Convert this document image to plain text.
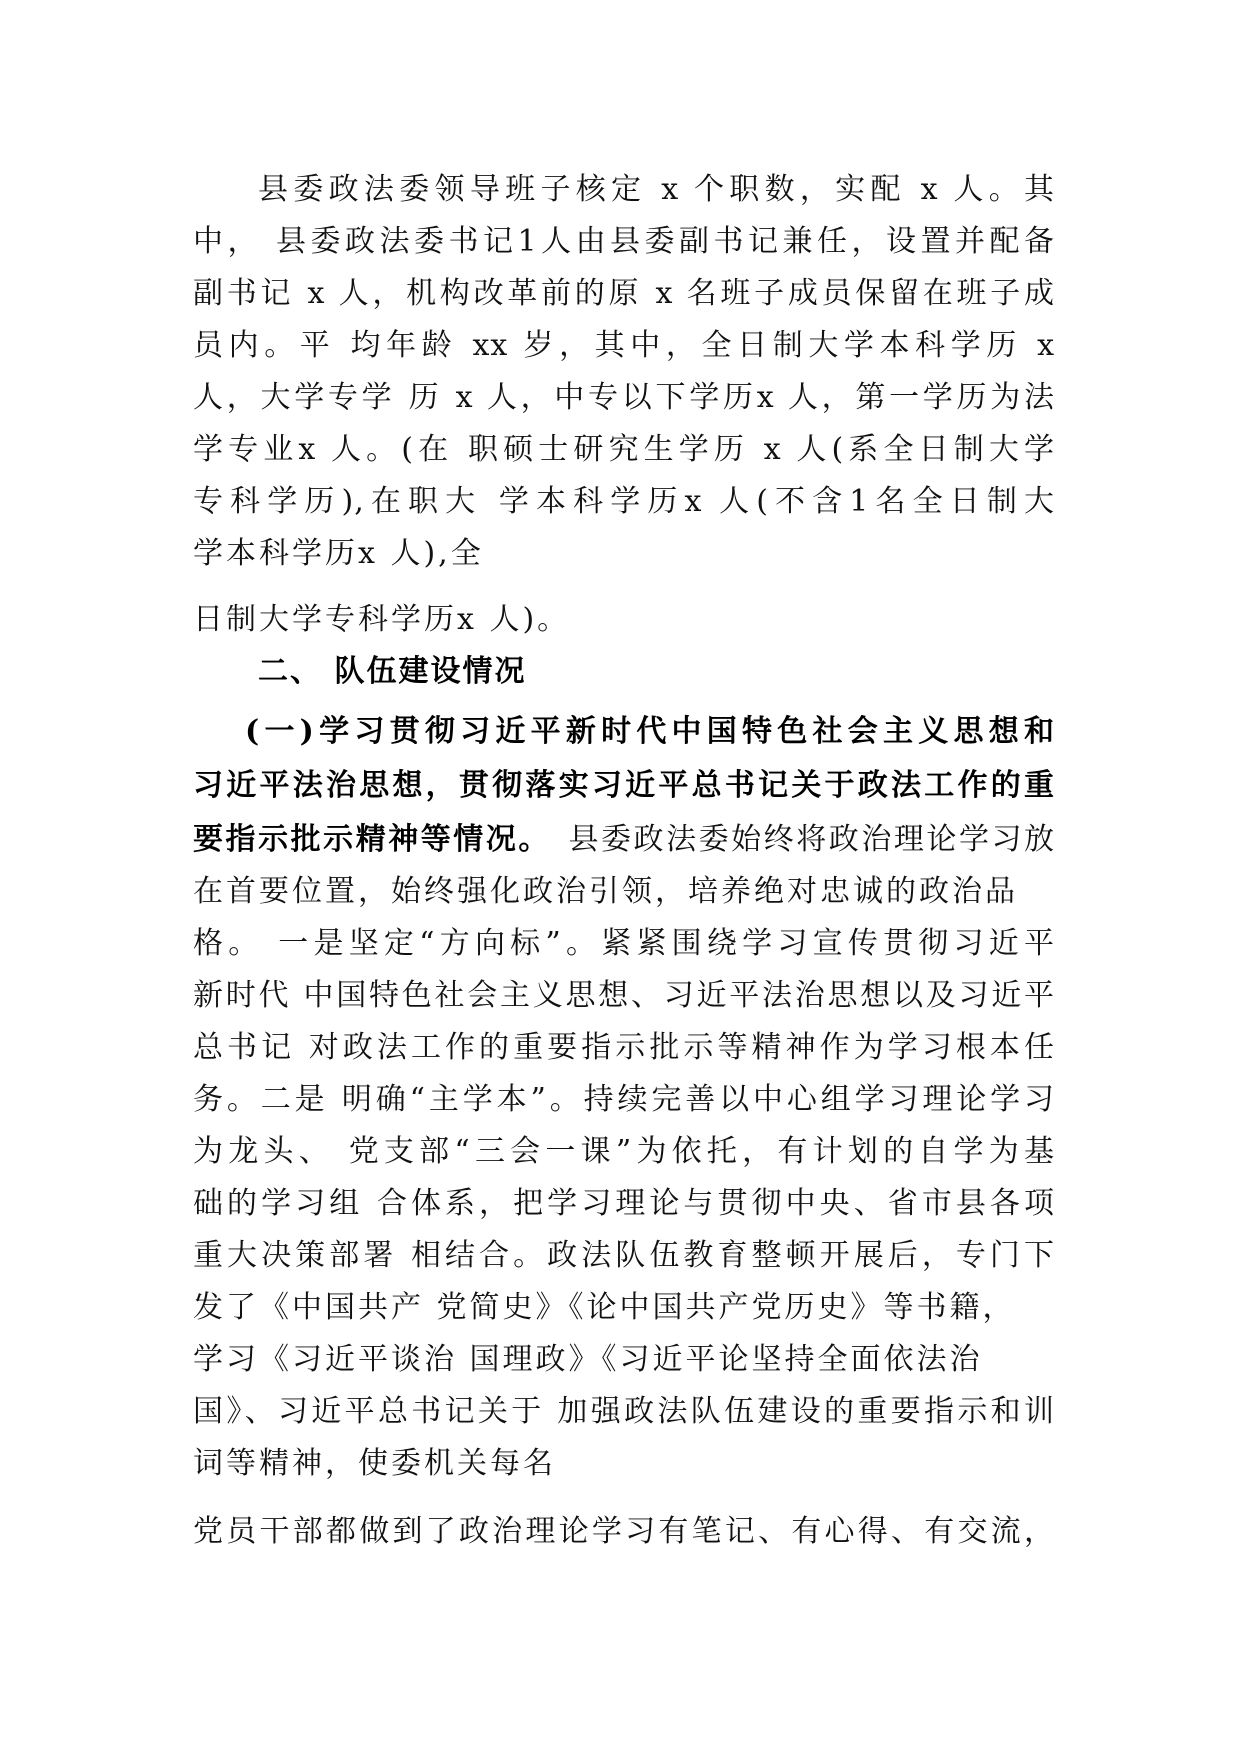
县委政法委领导班子核定 x 个职数，实配 x 人。其
中， 县委政法委书记1人由县委副书记兼任，设置并配备
副书记 x 人，机构改革前的原 x 名班子成员保留在班子成
员内。平 均年龄 xx 岁，其中，全日制大学本科学历 x
人，大学专学 历 x 人，中专以下学历x 人，第一学历为法
学专业x 人。(在 职硕士研究生学历 x 人(系全日制大学
专科学历),在职大 学本科学历x 人(不含1名全日制大
学本科学历x 人),全
日制大学专科学历x 人)。
二、 队伍建设情况
(一)学习贯彻习近平新时代中国特色社会主义思想和
习近平法治思想，贯彻落实习近平总书记关于政法工作的重
要指示批示精神等情况。　 县委政法委始终将政治理论学习放
在首要位置，始终强化政治引领，培养绝对忠诚的政治品
格。 一是坚定“方向标”。紧紧围绕学习宣传贯彻习近平
新时代 中国特色社会主义思想、习近平法治思想以及习近平
总书记 对政法工作的重要指示批示等精神作为学习根本任
务。二是 明确“主学本”。持续完善以中心组学习理论学习
为龙头、 党支部“三会一课”为依托，有计划的自学为基
础的学习组 合体系，把学习理论与贯彻中央、省市县各项
重大决策部署 相结合。政法队伍教育整顿开展后，专门下
发了《中国共产 党简史》《论中国共产党历史》等书籍，
学习《习近平谈治 国理政》《习近平论坚持全面依法治
国》、习近平总书记关于 加强政法队伍建设的重要指示和训
词等精神，使委机关每名
党员干部都做到了政治理论学习有笔记、有心得、有交流，
